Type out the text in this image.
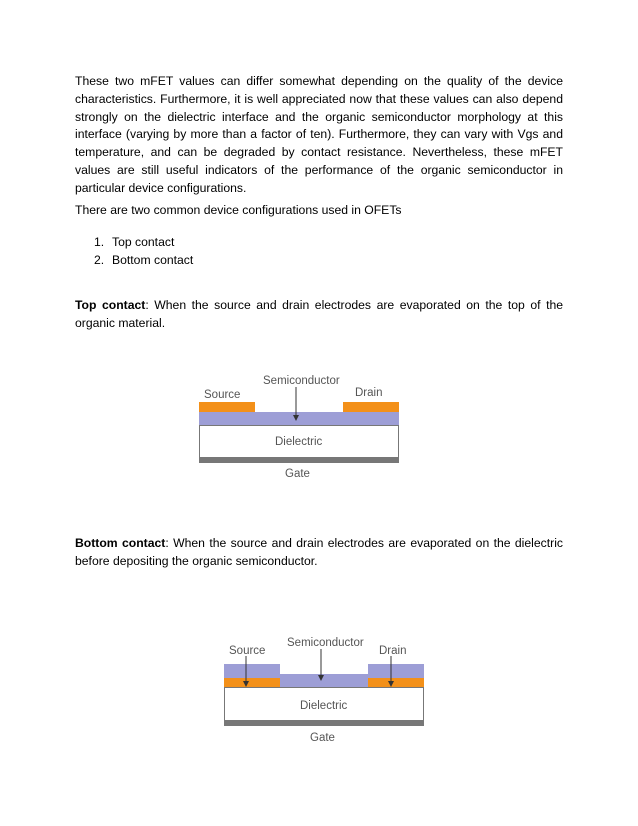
These two mFET values can differ somewhat depending on the quality of the device characteristics. Furthermore, it is well appreciated now that these values can also depend strongly on the dielectric interface and the organic semiconductor morphology at this interface (varying by more than a factor of ten). Furthermore, they can vary with Vgs and temperature, and can be degraded by contact resistance. Nevertheless, these mFET values are still useful indicators of the performance of the organic semiconductor in particular device configurations.

There are two common device configurations used in OFETs

1. Top contact
2. Bottom contact

Top contact: When the source and drain electrodes are evaporated on the top of the organic material.

Source
Semiconductor
Drain
Dielectric
Gate

Bottom contact: When the source and drain electrodes are evaporated on the dielectric before depositing the organic semiconductor.

Source
Semiconductor
Drain
Dielectric
Gate
